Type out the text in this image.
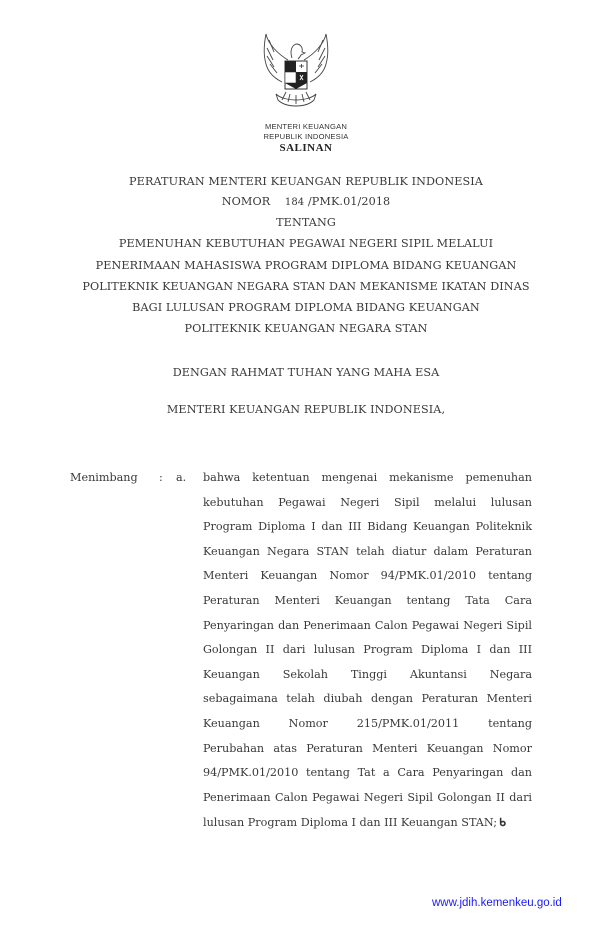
MENTERI KEUANGAN
REPUBLIK INDONESIA
SALINAN
PERATURAN MENTERI KEUANGAN REPUBLIK INDONESIA
NOMOR 184 /PMK.01/2018
TENTANG
PEMENUHAN KEBUTUHAN PEGAWAI NEGERI SIPIL MELALUI
PENERIMAAN MAHASISWA PROGRAM DIPLOMA BIDANG KEUANGAN
POLITEKNIK KEUANGAN NEGARA STAN DAN MEKANISME IKATAN DINAS
BAGI LULUSAN PROGRAM DIPLOMA BIDANG KEUANGAN
POLITEKNIK KEUANGAN NEGARA STAN
DENGAN RAHMAT TUHAN YANG MAHA ESA
MENTERI KEUANGAN REPUBLIK INDONESIA,
Menimbang : a. bahwa ketentuan mengenai mekanisme pemenuhan
kebutuhan Pegawai Negeri Sipil melalui lulusan
Program Diploma I dan III Bidang Keuangan Politeknik
Keuangan Negara STAN telah diatur dalam Peraturan
Menteri Keuangan Nomor 94/PMK.01/2010 tentang
Peraturan Menteri Keuangan tentang Tata Cara
Penyaringan dan Penerimaan Calon Pegawai Negeri Sipil
Golongan II dari lulusan Program Diploma I dan III
Keuangan Sekolah Tinggi Akuntansi Negara
sebagaimana telah diubah dengan Peraturan Menteri
Keuangan Nomor 215/PMK.01/2011 tentang
Perubahan atas Peraturan Menteri Keuangan Nomor
94/PMK.01/2010 tentang Tat a Cara Penyaringan dan
Penerimaan Calon Pegawai Negeri Sipil Golongan II dari
lulusan Program Diploma I dan III Keuangan STAN; ᑲ
www.jdih.kemenkeu.go.id
